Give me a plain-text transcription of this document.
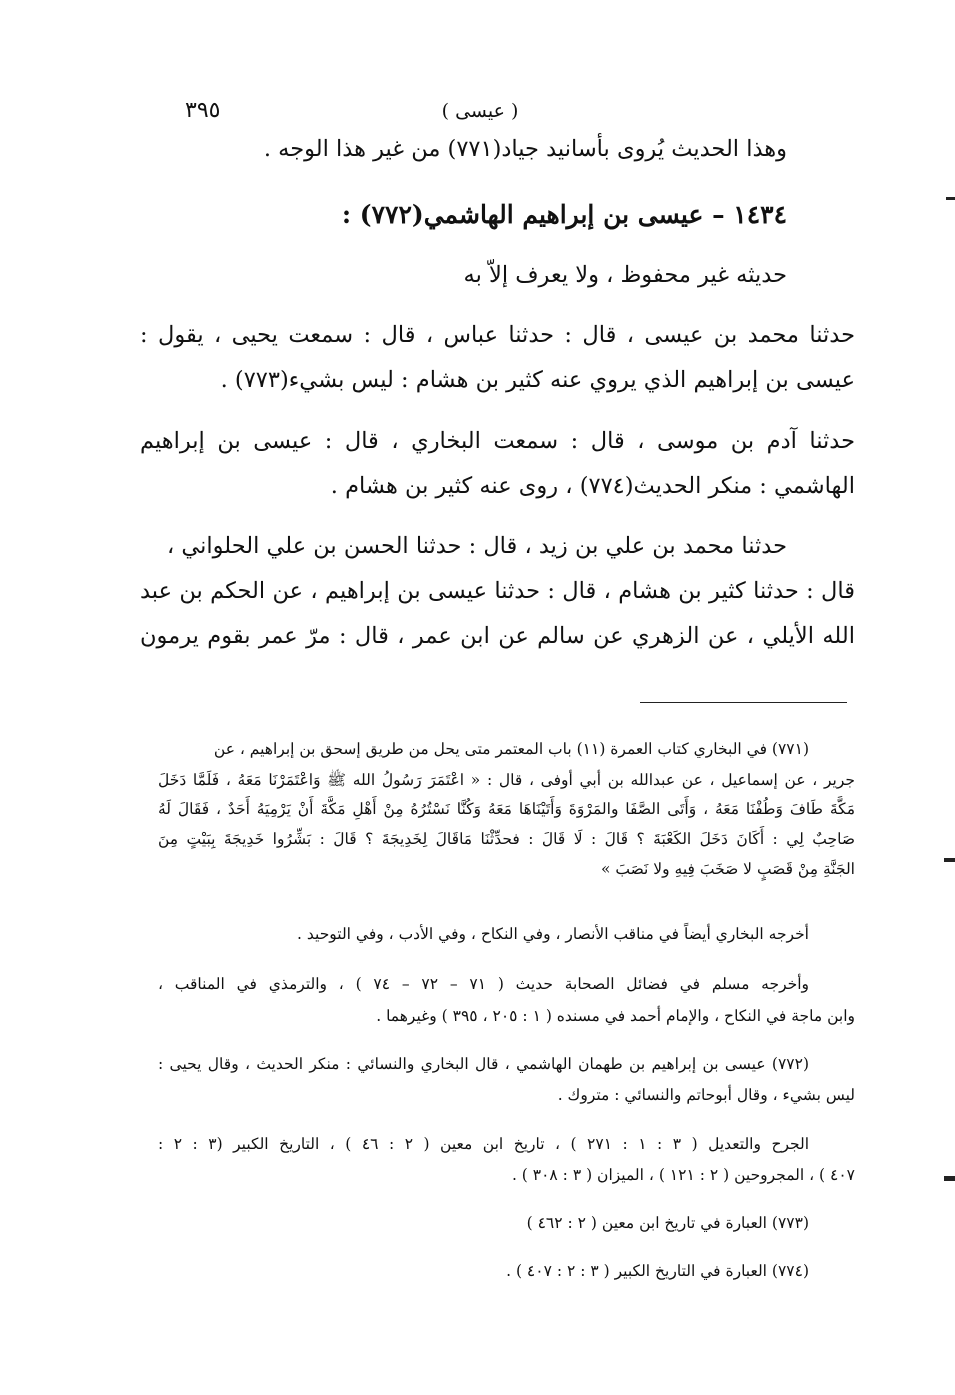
٣٩٥	( عيسى )
وهذا الحديث يُروى بأسانيد جياد(٧٧١) من غير هذا الوجه .
١٤٣٤ – عيسى بن إبراهيم الهاشمي(٧٧٢) :
حديثه غير محفوظ ، ولا يعرف إلاّ به
حدثنا محمد بن عيسى ، قال : حدثنا عباس ، قال : سمعت يحيى ، يقول :
عيسى بن إبراهيم الذي يروي عنه كثير بن هشام : ليس بشيء(٧٧٣) .
حدثنا آدم بن موسى ، قال : سمعت البخاري ، قال : عيسى بن إبراهيم
الهاشمي : منكر الحديث(٧٧٤) ، روى عنه كثير بن هشام .
حدثنا محمد بن علي بن زيد ، قال : حدثنا الحسن بن علي الحلواني ،
قال : حدثنا كثير بن هشام ، قال : حدثنا عيسى بن إبراهيم ، عن الحكم بن عبد
الله الأيلي ، عن الزهري عن سالم عن ابن عمر ، قال : مرّ عمر بقوم يرمون
(٧٧١) في البخاري كتاب العمرة (١١) باب المعتمر متى يحل من طريق إسحق بن إبراهيم ، عن
جرير ، عن إسماعيل ، عن عبدالله بن أبي أوفى ، قال : « اعْتَمَرَ رَسُولُ الله ﷺ وَاعْتَمَرْنَا مَعَهُ ، فَلَمَّا دَخَلَ
مَكَّةَ طَافَ وَطُفْنَا مَعَهُ ، وَأَتَى الصَّفَا والمَرْوَةَ وَأَتَيْنَاهَا مَعَهُ وَكُنَّا نَسْتُرُهُ مِنْ أَهْلِ مَكَّةَ أَنْ يَرْمِيَهُ أَحَدٌ ، فَقَالَ لَهُ
صَاحِبٌ لِي : أَكَانَ دَخَلَ الكَعْبَةَ ؟ قَالَ : لَا قَالَ : فحدِّثْنَا مَاقَالَ لِخَدِيجَةَ ؟ قَالَ : بَشِّرُوا خَدِيجَةَ بِبَيْتٍ مِنَ
الجَنَّةِ مِنْ قَصَبٍ لا صَخَبَ فِيهِ ولا نَصَبَ »
أخرجه البخاري أيضاً في مناقب الأنصار ، وفي النكاح ، وفي الأدب ، وفي التوحيد .
وأخرجه مسلم في فضائل الصحابة حديث ( ٧١ – ٧٢ – ٧٤ ) ، والترمذي في المناقب ،
وابن ماجة في النكاح ، والإمام أحمد في مسنده ( ١ : ٢٠٥ ، ٣٩٥ ) وغيرهما .
(٧٧٢) عيسى بن إبراهيم بن طهمان الهاشمي ، قال البخاري والنسائي : منكر الحديث ، وقال يحيى :
ليس بشيء ، وقال أبوحاتم والنسائي : متروك .
الجرح والتعديل ( ٣ : ١ : ٢٧١ ) ، تاريخ ابن معين ( ٢ : ٤٦ ) ، التاريخ الكبير (٣ : ٢ :
٤٠٧ ) ، المجروحين ( ٢ : ١٢١ ) ، الميزان ( ٣ : ٣٠٨ ) .
(٧٧٣) العبارة في تاريخ ابن معين ( ٢ : ٤٦٢ )
(٧٧٤) العبارة في التاريخ الكبير ( ٣ : ٢ : ٤٠٧ ) .
